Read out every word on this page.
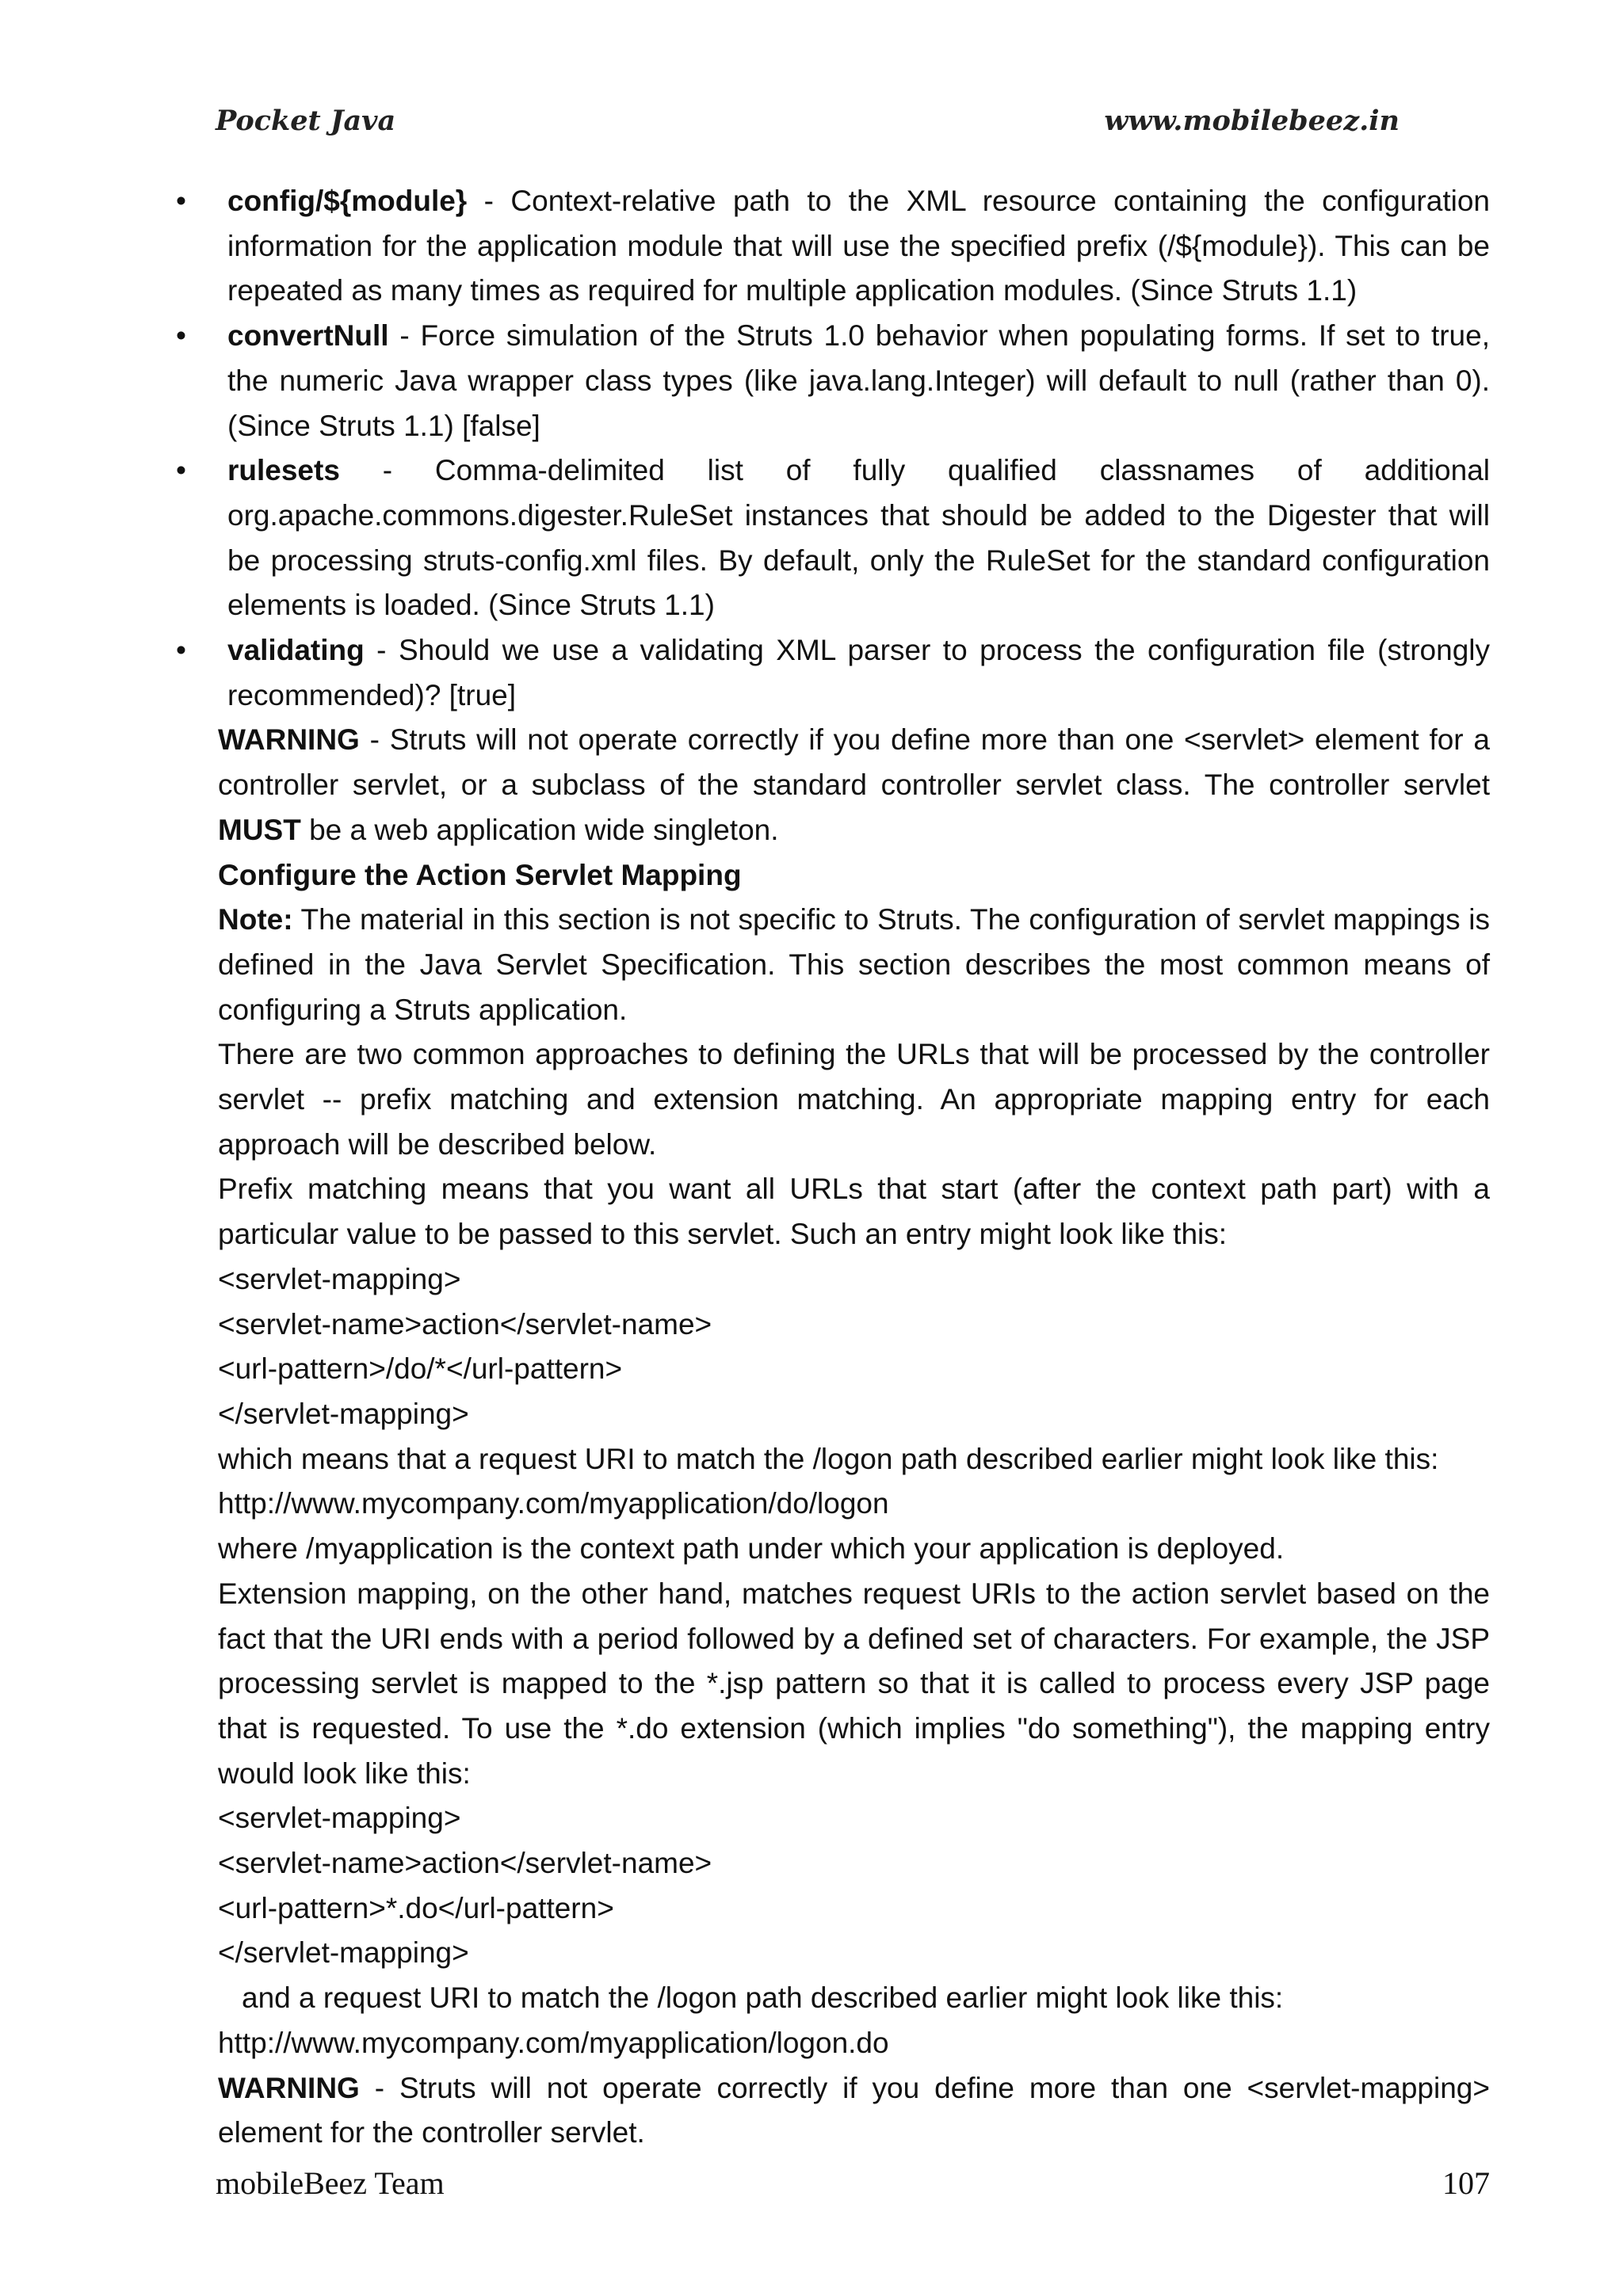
Pocket Java	www.mobilebeez.in
• config/${module} - Context-relative path to the XML resource containing the configuration information for the application module that will use the specified prefix (/${module}). This can be repeated as many times as required for multiple application modules. (Since Struts 1.1)
• convertNull - Force simulation of the Struts 1.0 behavior when populating forms. If set to true, the numeric Java wrapper class types (like java.lang.Integer) will default to null (rather than 0). (Since Struts 1.1) [false]
• rulesets - Comma-delimited list of fully qualified classnames of additional org.apache.commons.digester.RuleSet instances that should be added to the Digester that will be processing struts-config.xml files. By default, only the RuleSet for the standard configuration elements is loaded. (Since Struts 1.1)
• validating - Should we use a validating XML parser to process the configuration file (strongly recommended)? [true]

WARNING - Struts will not operate correctly if you define more than one <servlet> element for a controller servlet, or a subclass of the standard controller servlet class. The controller servlet MUST be a web application wide singleton.

Configure the Action Servlet Mapping

Note: The material in this section is not specific to Struts. The configuration of servlet mappings is defined in the Java Servlet Specification. This section describes the most common means of configuring a Struts application.

There are two common approaches to defining the URLs that will be processed by the controller servlet -- prefix matching and extension matching. An appropriate mapping entry for each approach will be described below.

Prefix matching means that you want all URLs that start (after the context path part) with a particular value to be passed to this servlet. Such an entry might look like this:

<servlet-mapping>

<servlet-name>action</servlet-name>

<url-pattern>/do/*</url-pattern>

</servlet-mapping>

which means that a request URI to match the /logon path described earlier might look like this:

http://www.mycompany.com/myapplication/do/logon

where /myapplication is the context path under which your application is deployed.

Extension mapping, on the other hand, matches request URIs to the action servlet based on the fact that the URI ends with a period followed by a defined set of characters. For example, the JSP processing servlet is mapped to the *.jsp pattern so that it is called to process every JSP page that is requested. To use the *.do extension (which implies "do something"), the mapping entry would look like this:

<servlet-mapping>

<servlet-name>action</servlet-name>

<url-pattern>*.do</url-pattern>

</servlet-mapping>

and a request URI to match the /logon path described earlier might look like this:

http://www.mycompany.com/myapplication/logon.do

WARNING - Struts will not operate correctly if you define more than one <servlet-mapping> element for the controller servlet.

mobileBeez Team	107
